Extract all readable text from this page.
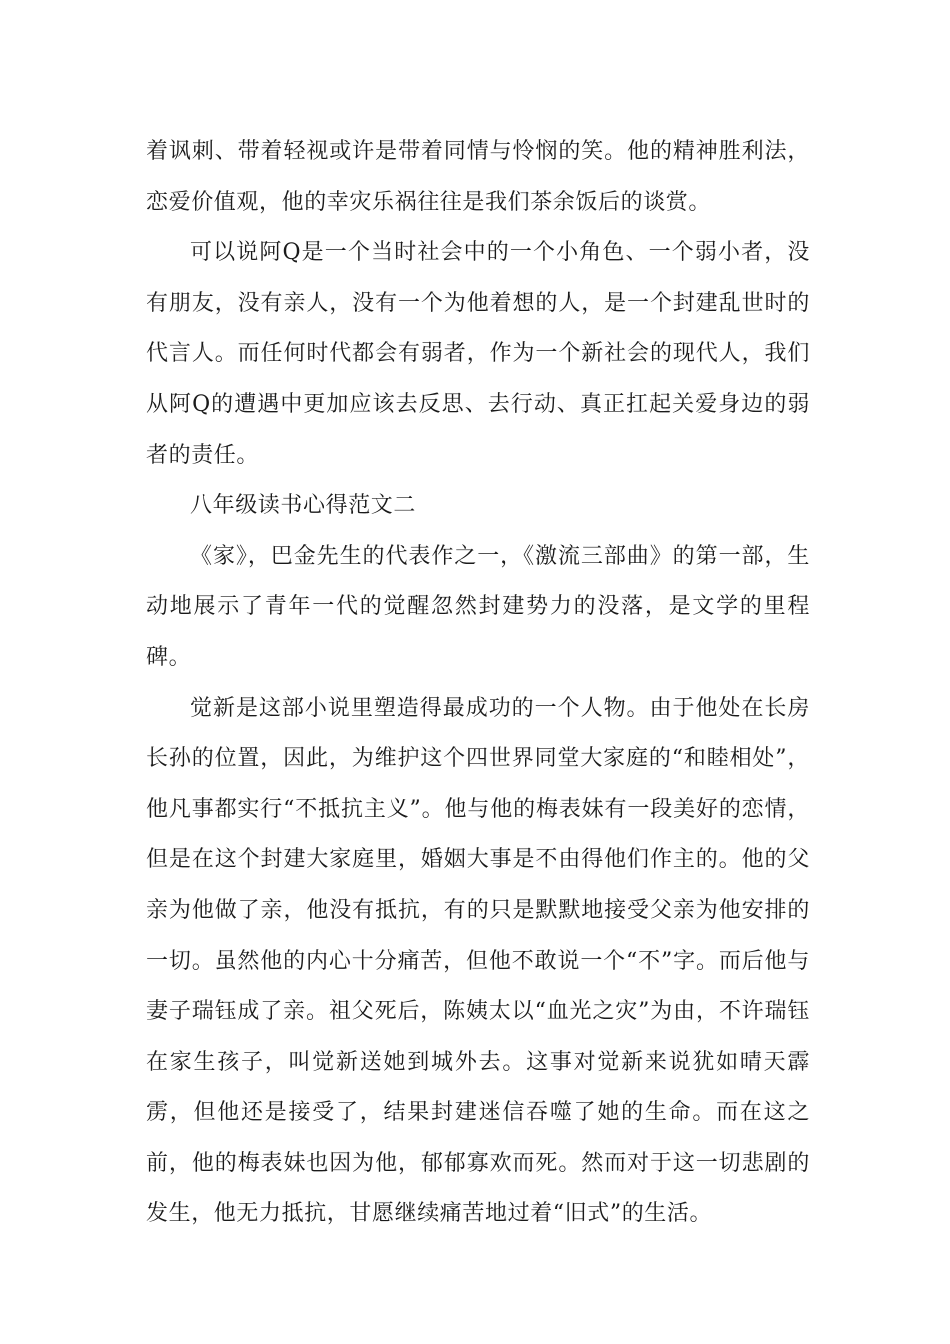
着讽刺、带着轻视或许是带着同情与怜悯的笑。他的精神胜利法，恋爱价值观，他的幸灾乐祸往往是我们茶余饭后的谈赏。

可以说阿Q是一个当时社会中的一个小角色、一个弱小者，没有朋友，没有亲人，没有一个为他着想的人，是一个封建乱世时的代言人。而任何时代都会有弱者，作为一个新社会的现代人，我们从阿Q的遭遇中更加应该去反思、去行动、真正扛起关爱身边的弱者的责任。

八年级读书心得范文二

《家》，巴金先生的代表作之一，《激流三部曲》的第一部，生动地展示了青年一代的觉醒忽然封建势力的没落，是文学的里程碑。

觉新是这部小说里塑造得最成功的一个人物。由于他处在长房长孙的位置，因此，为维护这个四世界同堂大家庭的“和睦相处”，他凡事都实行“不抵抗主义”。他与他的梅表妹有一段美好的恋情，但是在这个封建大家庭里，婚姻大事是不由得他们作主的。他的父亲为他做了亲，他没有抵抗，有的只是默默地接受父亲为他安排的一切。虽然他的内心十分痛苦，但他不敢说一个“不”字。而后他与妻子瑞钰成了亲。祖父死后，陈姨太以“血光之灾”为由，不许瑞钰在家生孩子，叫觉新送她到城外去。这事对觉新来说犹如晴天霹雳，但他还是接受了，结果封建迷信吞噬了她的生命。而在这之前，他的梅表妹也因为他，郁郁寡欢而死。然而对于这一切悲剧的发生，他无力抵抗，甘愿继续痛苦地过着“旧式”的生活。
